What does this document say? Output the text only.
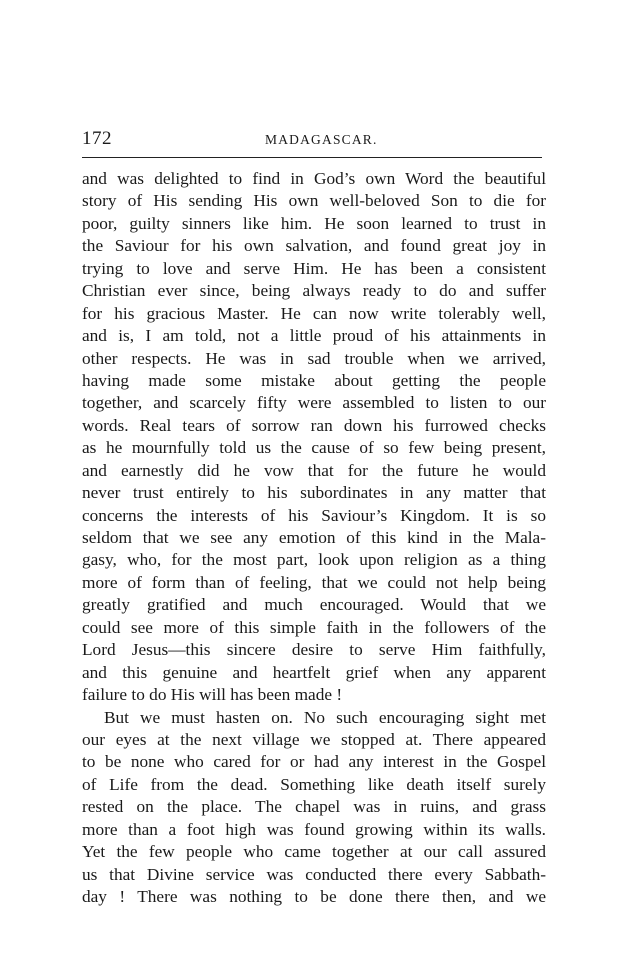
172	MADAGASCAR.
and was delighted to find in God’s own Word the beautiful
story of His sending His own well-beloved Son to die for
poor, guilty sinners like him. He soon learned to trust in
the Saviour for his own salvation, and found great joy in
trying to love and serve Him. He has been a consistent
Christian ever since, being always ready to do and suffer
for his gracious Master. He can now write tolerably well,
and is, I am told, not a little proud of his attainments in
other respects. He was in sad trouble when we arrived,
having made some mistake about getting the people
together, and scarcely fifty were assembled to listen to our
words. Real tears of sorrow ran down his furrowed checks
as he mournfully told us the cause of so few being present,
and earnestly did he vow that for the future he would
never trust entirely to his subordinates in any matter that
concerns the interests of his Saviour’s Kingdom. It is so
seldom that we see any emotion of this kind in the Mala-
gasy, who, for the most part, look upon religion as a thing
more of form than of feeling, that we could not help being
greatly gratified and much encouraged. Would that we
could see more of this simple faith in the followers of the
Lord Jesus—this sincere desire to serve Him faithfully,
and this genuine and heartfelt grief when any apparent
failure to do His will has been made !
But we must hasten on. No such encouraging sight met
our eyes at the next village we stopped at. There appeared
to be none who cared for or had any interest in the Gospel
of Life from the dead. Something like death itself surely
rested on the place. The chapel was in ruins, and grass
more than a foot high was found growing within its walls.
Yet the few people who came together at our call assured
us that Divine service was conducted there every Sabbath-
day ! There was nothing to be done there then, and we
